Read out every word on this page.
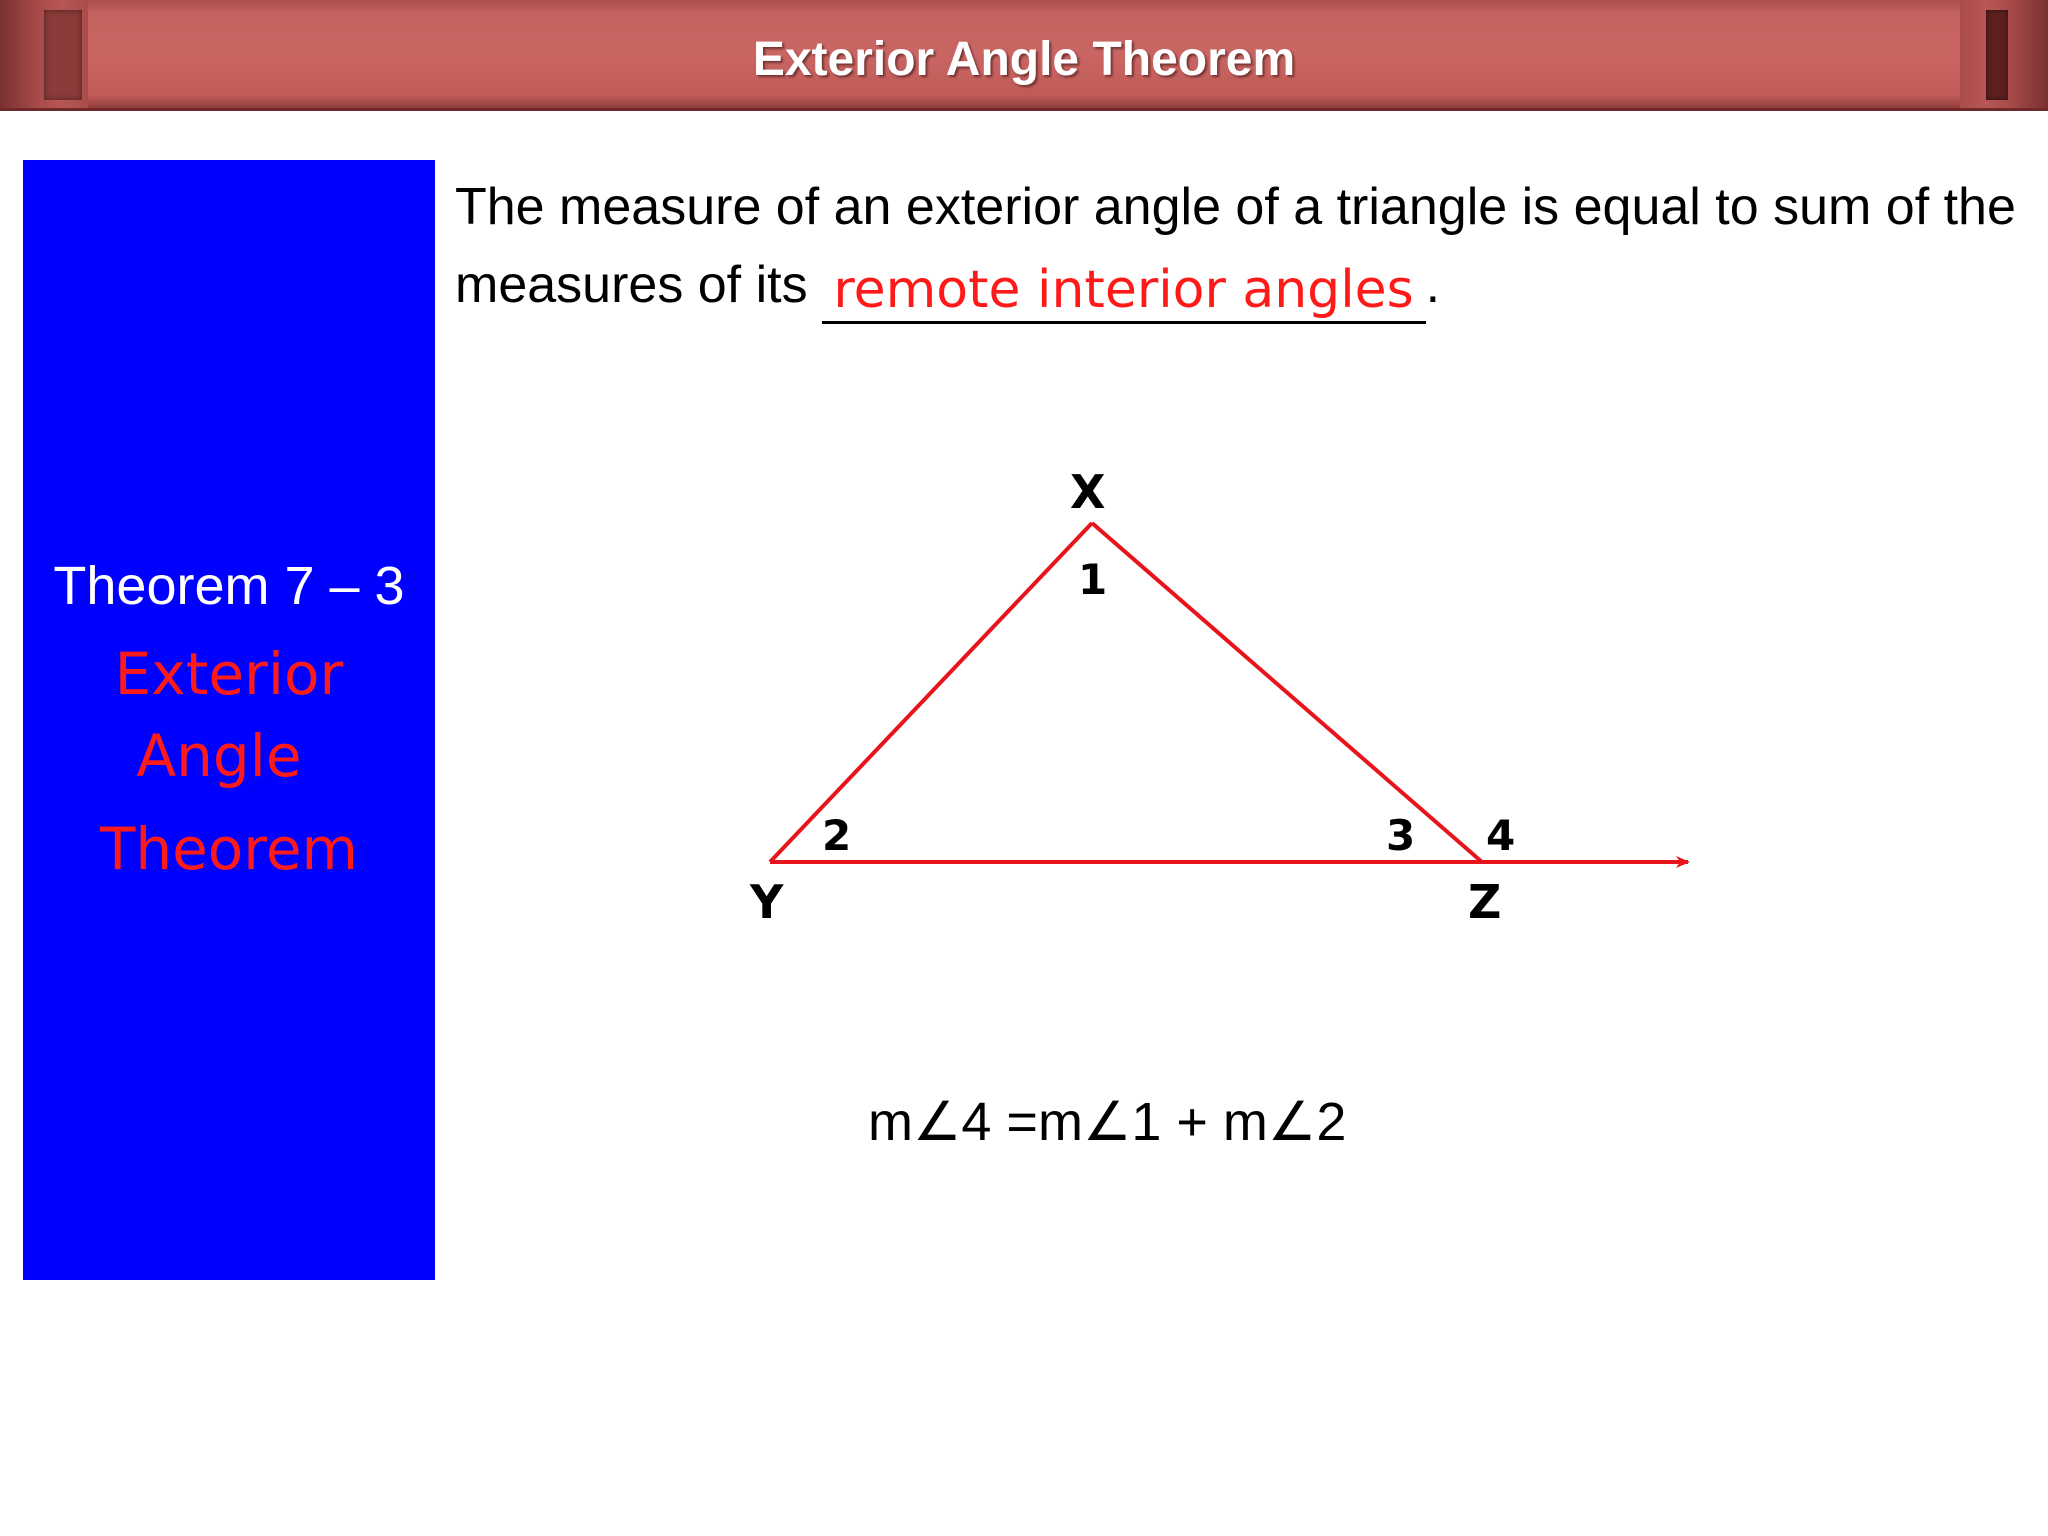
Exterior Angle Theorem
Theorem 7 – 3
Exterior
Angle
Theorem
The measure of an exterior angle of a triangle is equal to sum of the measures of its remote interior angles .
X
Y	Z
1
2	3 4
m∠4 =m∠1 + m∠2
